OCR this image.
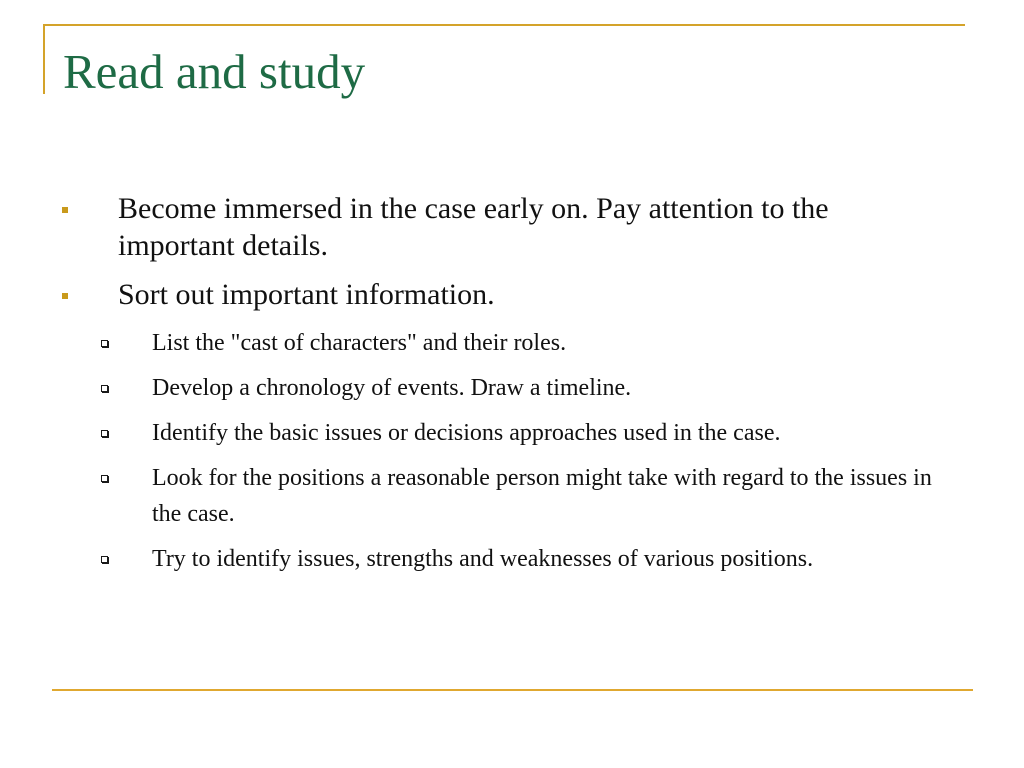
Read and study
Become immersed in the case early on. Pay attention to the important details.
Sort out important information.
List the "cast of characters" and their roles.
Develop a chronology of events. Draw a timeline.
Identify the basic issues or decisions approaches used in the case.
Look for the positions a reasonable person might take with regard to the issues in the case.
Try to identify issues, strengths and weaknesses of various positions.
